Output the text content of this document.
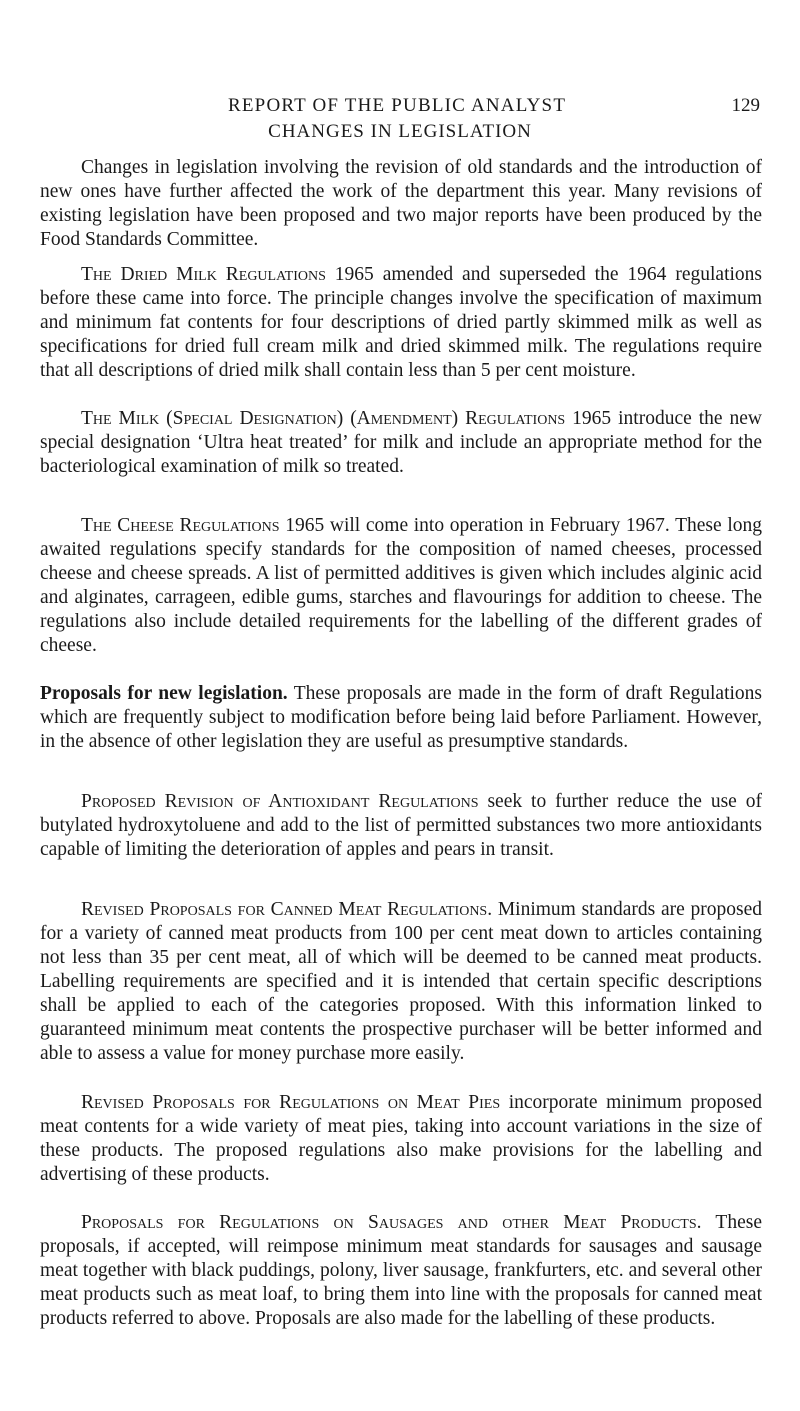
REPORT OF THE PUBLIC ANALYST	129
CHANGES IN LEGISLATION

Changes in legislation involving the revision of old standards and the introduction of new ones have further affected the work of the department this year. Many revisions of existing legislation have been proposed and two major reports have been produced by the Food Standards Committee.

The Dried Milk Regulations 1965 amended and superseded the 1964 regulations before these came into force. The principle changes involve the specification of maximum and minimum fat contents for four descriptions of dried partly skimmed milk as well as specifications for dried full cream milk and dried skimmed milk. The regulations require that all descriptions of dried milk shall contain less than 5 per cent moisture.

The Milk (Special Designation) (Amendment) Regulations 1965 introduce the new special designation ‘Ultra heat treated’ for milk and include an appropriate method for the bacteriological examination of milk so treated.

The Cheese Regulations 1965 will come into operation in February 1967. These long awaited regulations specify standards for the composition of named cheeses, processed cheese and cheese spreads. A list of permitted additives is given which includes alginic acid and alginates, carrageen, edible gums, starches and flavourings for addition to cheese. The regulations also include detailed requirements for the labelling of the different grades of cheese.

Proposals for new legislation. These proposals are made in the form of draft Regulations which are frequently subject to modification before being laid before Parliament. However, in the absence of other legislation they are useful as presumptive standards.

Proposed Revision of Antioxidant Regulations seek to further reduce the use of butylated hydroxytoluene and add to the list of permitted substances two more antioxidants capable of limiting the deterioration of apples and pears in transit.

Revised Proposals for Canned Meat Regulations. Minimum standards are proposed for a variety of canned meat products from 100 per cent meat down to articles containing not less than 35 per cent meat, all of which will be deemed to be canned meat products. Labelling requirements are specified and it is intended that certain specific descriptions shall be applied to each of the categories proposed. With this information linked to guaranteed minimum meat contents the prospective purchaser will be better informed and able to assess a value for money purchase more easily.

Revised Proposals for Regulations on Meat Pies incorporate minimum proposed meat contents for a wide variety of meat pies, taking into account variations in the size of these products. The proposed regulations also make provisions for the labelling and advertising of these products.

Proposals for Regulations on Sausages and other Meat Products. These proposals, if accepted, will reimpose minimum meat standards for sausages and sausage meat together with black puddings, polony, liver sausage, frankfurters, etc. and several other meat products such as meat loaf, to bring them into line with the proposals for canned meat products referred to above. Proposals are also made for the labelling of these products.
